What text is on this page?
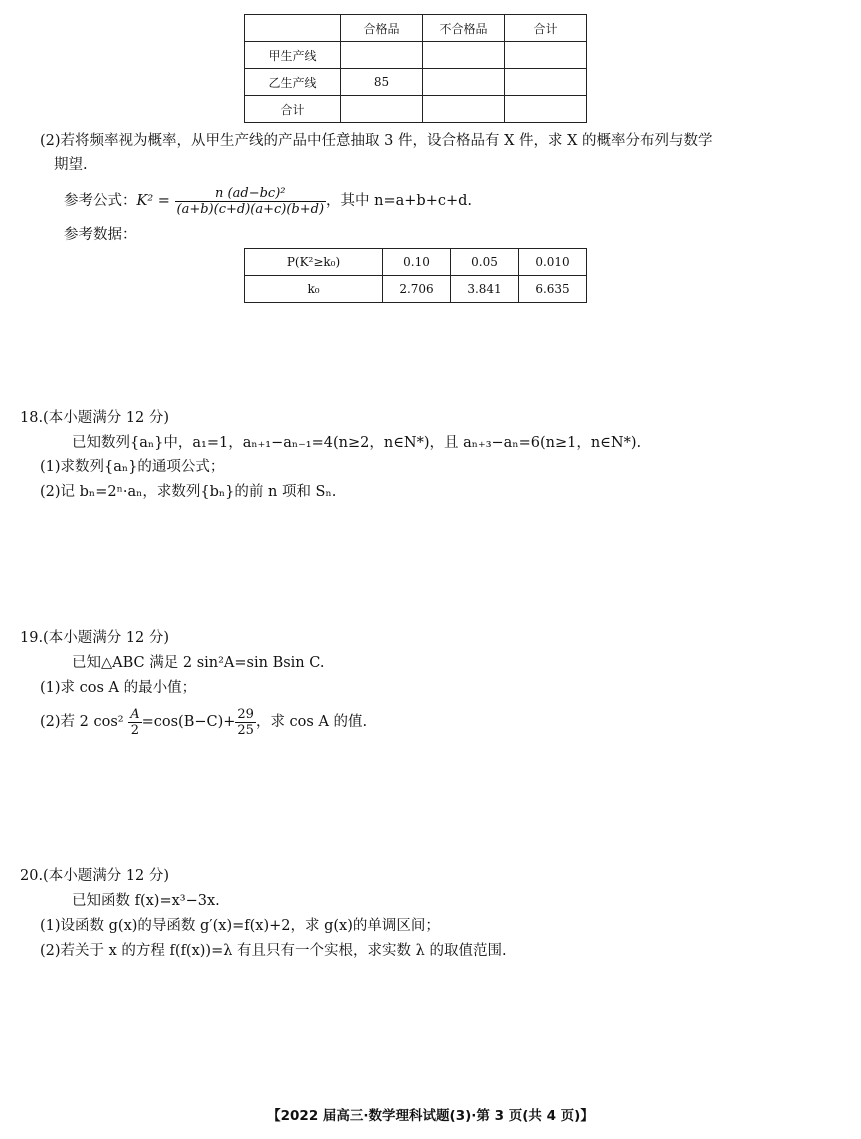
	合格品	不合格品	合计
甲生产线			
乙生产线	85		
合计			
(2)若将频率视为概率，从甲生产线的产品中任意抽取 3 件，设合格品有 X 件，求 X 的概率分布列与数学
期望.
参考公式：$K^2 = \frac{\text{n (ad−bc)²}}{(a+b)(c+d)(a+c)(b+d)}$ ，其中 n=a+b+c+d.
参考数据：
P(K²≥k₀)	0.10	0.05	0.010
k₀	2.706	3.841	6.635
18.(本小题满分 12 分)
已知数列{aₙ}中，a₁=1，aₙ₊₁−aₙ₋₁=4(n≥2，n∈N*)，且 aₙ₊₃−aₙ=6(n≥1，n∈N*).
(1)求数列{aₙ}的通项公式；
(2)记 bₙ=2ⁿ·aₙ，求数列{bₙ}的前 n 项和 Sₙ.
19.(本小题满分 12 分)
已知△ABC 满足 2 sin²A=sin Bsin C.
(1)求 cos A 的最小值；
(2)若 2 $\cos^2 \frac{A}{2} =\cos(B-C)+ \frac{29}{25}$ ，求 cos A 的值.
20.(本小题满分 12 分)
已知函数 f(x)=x³−3x.
(1)设函数 g(x)的导函数 g′(x)=f(x)+2，求 g(x)的单调区间；
(2)若关于 x 的方程 f(f(x))=λ 有且只有一个实根，求实数 λ 的取值范围.
【2022 届高三·数学理科试题(3)·第 3 页(共 4 页)】
